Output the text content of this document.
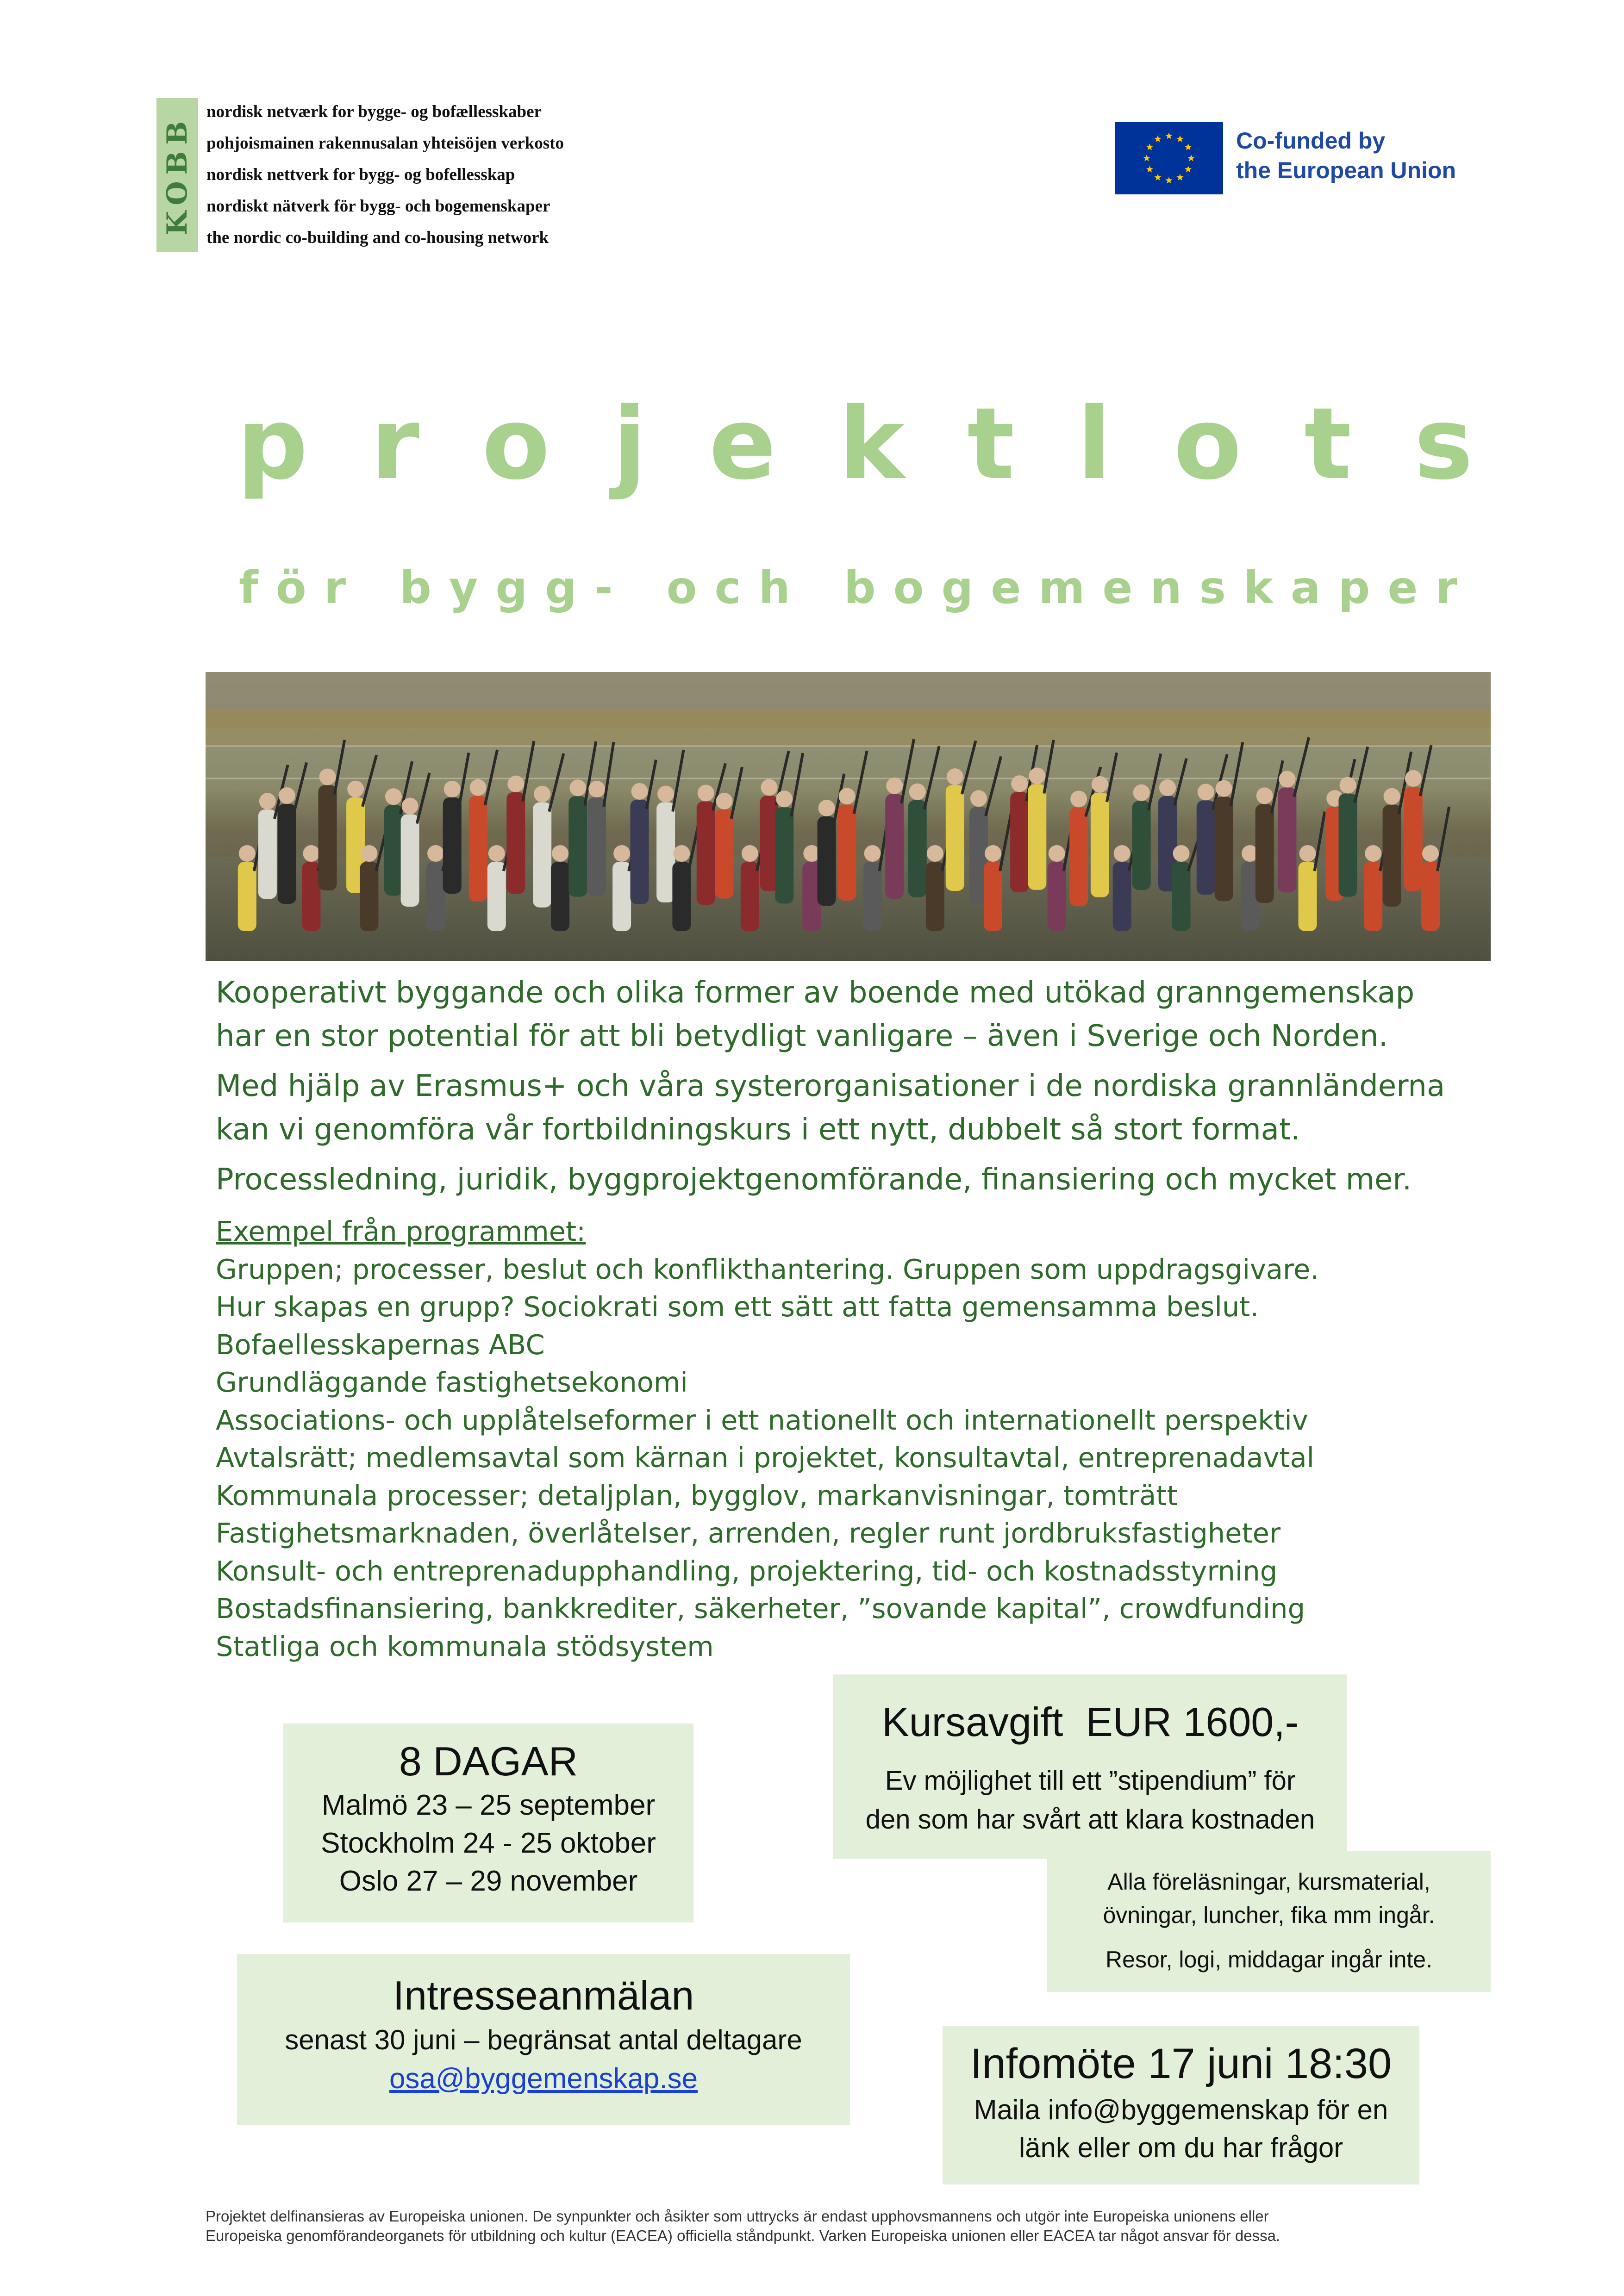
KOBB
nordisk netværk for bygge- og bofællesskaber
pohjoismainen rakennusalan yhteisöjen verkosto
nordisk nettverk for bygg- og bofellesskap
nordiskt nätverk för bygg- och bogemenskaper
the nordic co-building and co-housing network
Co-funded by
the European Union
p r o j e k t l o t s
f ö r b y g g - o c h b o g e m e n s k a p e r

Kooperativt byggande och olika former av boende med utökad granngemenskap
har en stor potential för att bli betydligt vanligare – även i Sverige och Norden.

Med hjälp av Erasmus+ och våra systerorganisationer i de nordiska grannländerna
kan vi genomföra vår fortbildningskurs i ett nytt, dubbelt så stort format.

Processledning, juridik, byggprojektgenomförande, finansiering och mycket mer.

Exempel från programmet:
Gruppen; processer, beslut och konflikthantering. Gruppen som uppdragsgivare.
Hur skapas en grupp? Sociokrati som ett sätt att fatta gemensamma beslut.
Bofaellesskapernas ABC
Grundläggande fastighetsekonomi
Associations- och upplåtelseformer i ett nationellt och internationellt perspektiv
Avtalsrätt; medlemsavtal som kärnan i projektet, konsultavtal, entreprenadavtal
Kommunala processer; detaljplan, bygglov, markanvisningar, tomträtt
Fastighetsmarknaden, överlåtelser, arrenden, regler runt jordbruksfastigheter
Konsult- och entreprenadupphandling, projektering, tid- och kostnadsstyrning
Bostadsfinansiering, bankkrediter, säkerheter, ”sovande kapital”, crowdfunding
Statliga och kommunala stödsystem
8 DAGAR
Malmö 23 – 25 september
Stockholm 24 - 25 oktober
Oslo 27 – 29 november
Kursavgift  EUR 1600,-
Ev möjlighet till ett ”stipendium” för
den som har svårt att klara kostnaden
Alla föreläsningar, kursmaterial,
övningar, luncher, fika mm ingår.
Resor, logi, middagar ingår inte.
Intresseanmälan
senast 30 juni – begränsat antal deltagare
osa@byggemenskap.se	Infomöte 17 juni 18:30
Maila info@byggemenskap för en
länk eller om du har frågor
Projektet delfinansieras av Europeiska unionen. De synpunkter och åsikter som uttrycks är endast upphovsmannens och utgör inte Europeiska unionens eller
Europeiska genomförandeorganets för utbildning och kultur (EACEA) officiella ståndpunkt. Varken Europeiska unionen eller EACEA tar något ansvar för dessa.
